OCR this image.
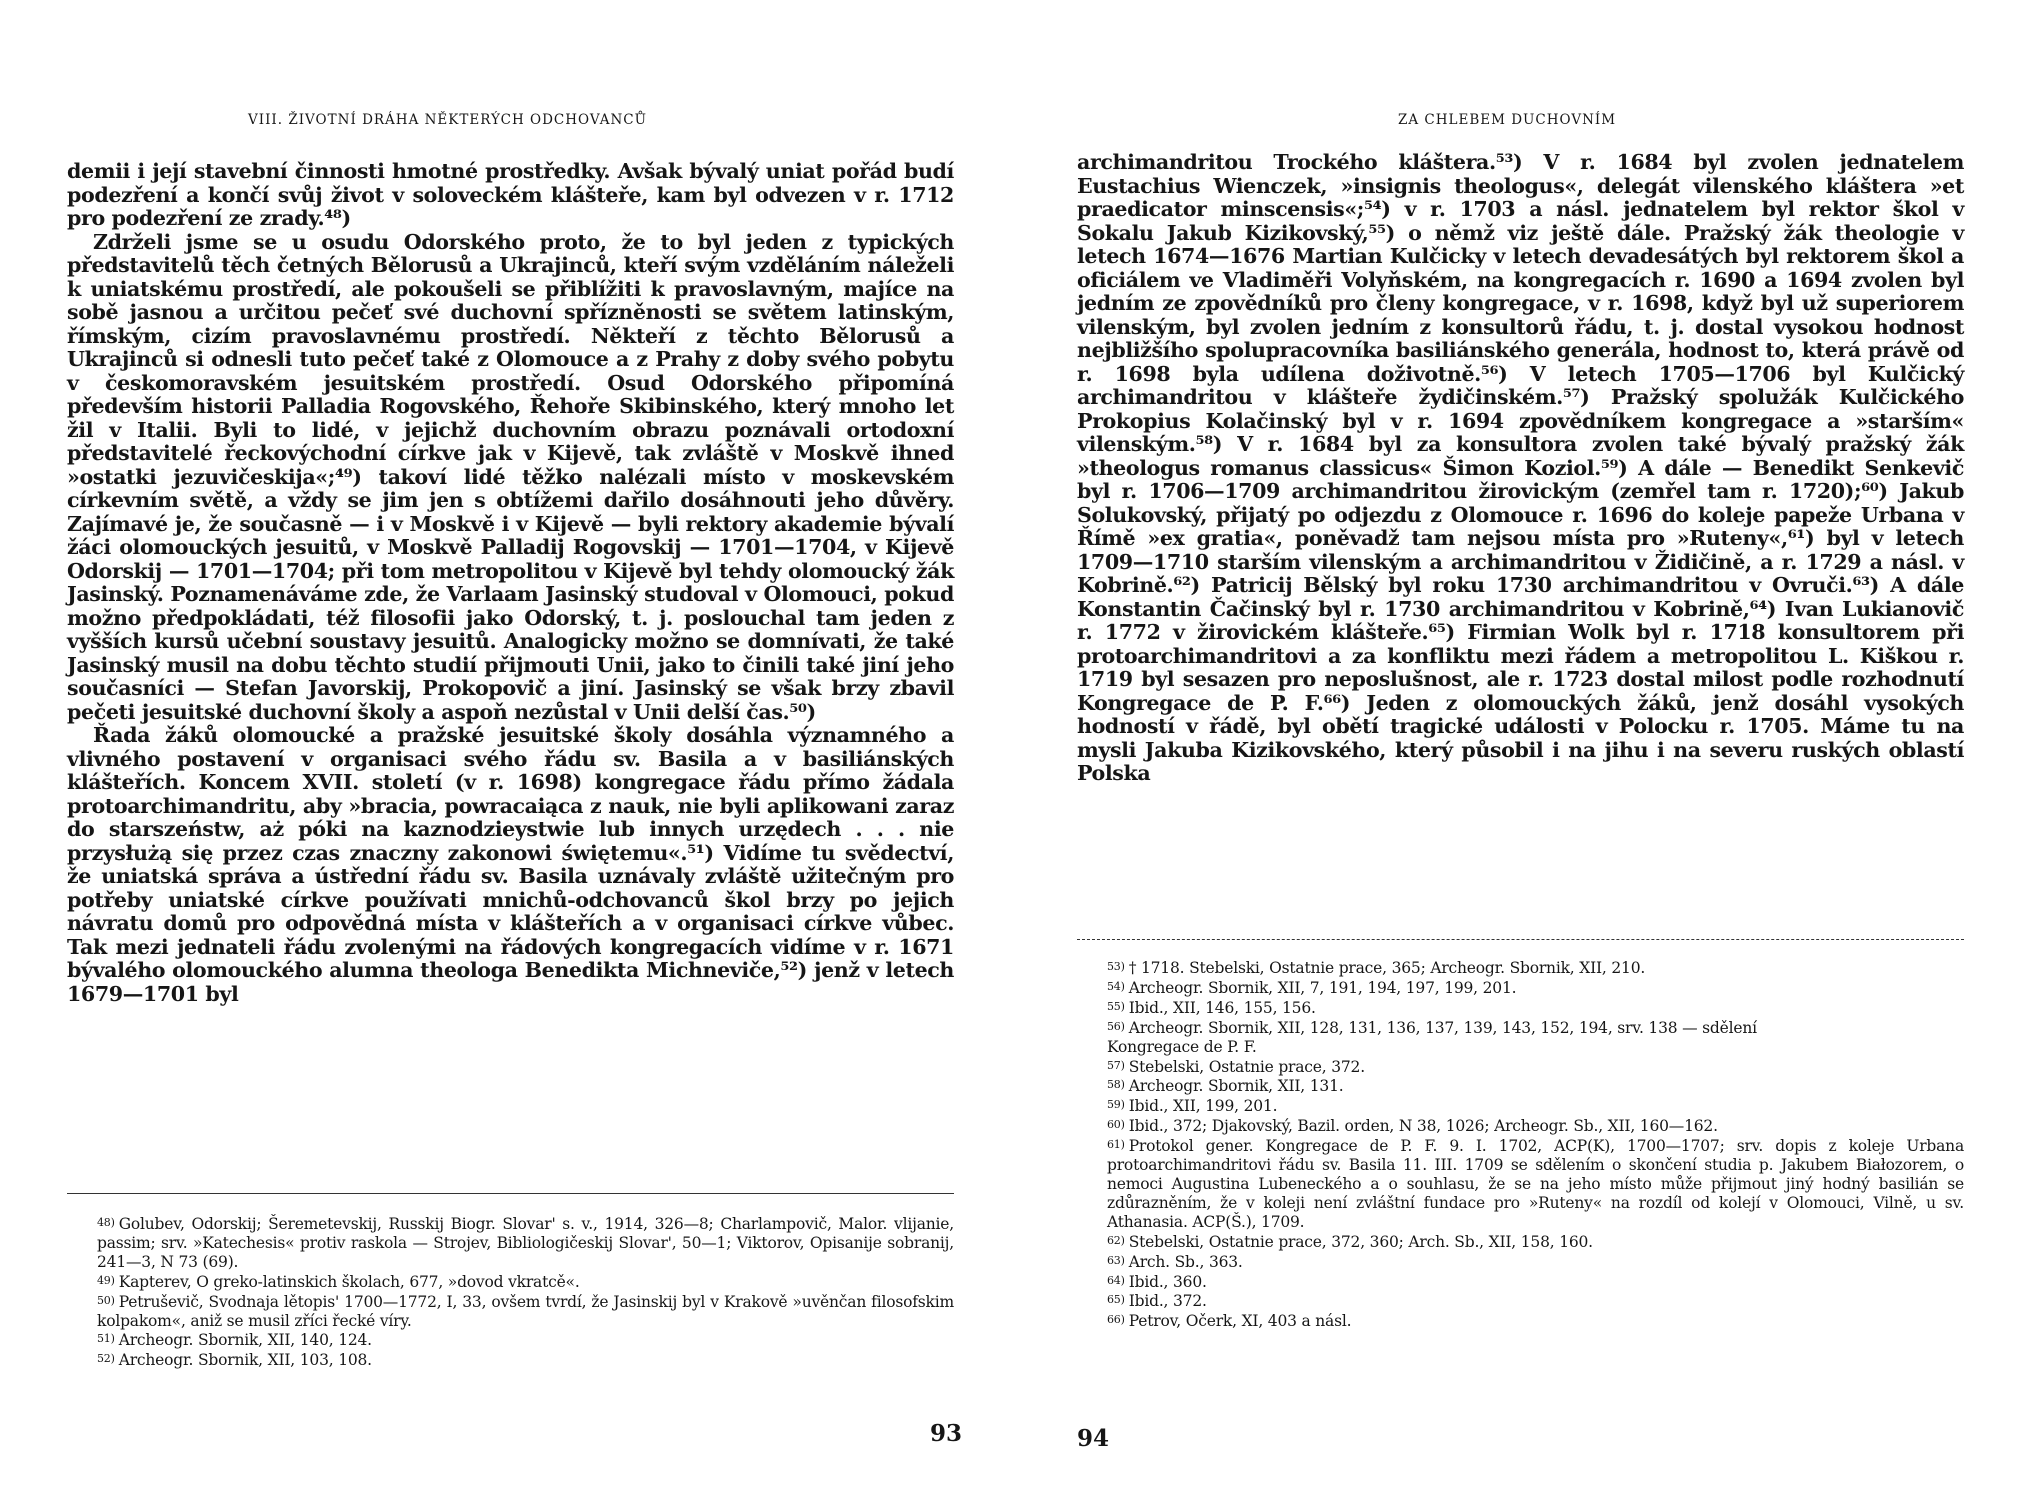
VIII. ŽIVOTNÍ DRÁHA NĚKTERÝCH ODCHOVANCŮ

demii i její stavební činnosti hmotné prostředky. Avšak bývalý uniat pořád budí podezření a končí svůj život v soloveckém klášteře, kam byl odvezen v r. 1712 pro podezření ze zrady.⁴⁸)

Zdrželi jsme se u osudu Odorského proto, že to byl jeden z typických představitelů těch četných Bělorusů a Ukrajinců, kteří svým vzděláním náleželi k uniatskému prostředí, ale pokoušeli se přiblížiti k pravoslavným, majíce na sobě jasnou a určitou pečeť své duchovní spřízněnosti se světem latinským, římským, cizím pravoslavnému prostředí. Někteří z těchto Bělorusů a Ukrajinců si odnesli tuto pečeť také z Olomouce a z Prahy z doby svého pobytu v českomoravském jesuitském prostředí. Osud Odorského připomíná především historii Palladia Rogovského, Řehoře Skibinského, který mnoho let žil v Italii. Byli to lidé, v jejichž duchovním obrazu poznávali ortodoxní představitelé řeckovýchodní církve jak v Kijevě, tak zvláště v Moskvě ihned »ostatki jezuvičeskija«;⁴⁹) takoví lidé těžko nalézali místo v moskevském církevním světě, a vždy se jim jen s obtížemi dařilo dosáhnouti jeho důvěry. Zajímavé je, že současně — i v Moskvě i v Kijevě — byli rektory akademie bývalí žáci olomouckých jesuitů, v Moskvě Palladij Rogovskij — 1701—1704, v Kijevě Odorskij — 1701—1704; při tom metropolitou v Kijevě byl tehdy olomoucký žák Jasinský. Poznamenáváme zde, že Varlaam Jasinský studoval v Olomouci, pokud možno předpokládati, též filosofii jako Odorský, t. j. poslouchal tam jeden z vyšších kursů učební soustavy jesuitů. Analogicky možno se domnívati, že také Jasinský musil na dobu těchto studií přijmouti Unii, jako to činili také jiní jeho současníci — Stefan Javorskij, Prokopovič a jiní. Jasinský se však brzy zbavil pečeti jesuitské duchovní školy a aspoň nezůstal v Unii delší čas.⁵⁰)

Řada žáků olomoucké a pražské jesuitské školy dosáhla významného a vlivného postavení v organisaci svého řádu sv. Basila a v basiliánských klášteřích. Koncem XVII. století (v r. 1698) kongregace řádu přímo žádala protoarchimandritu, aby »bracia, powracaiąca z nauk, nie byli aplikowani zaraz do starszeństw, aż póki na kaznodzieystwie lub innych urzędech . . . nie przysłużą się przez czas znaczny zakonowi świętemu«.⁵¹) Vidíme tu svědectví, že uniatská správa a ústřední řádu sv. Basila uznávaly zvláště užitečným pro potřeby uniatské církve používati mnichů-odchovanců škol brzy po jejich návratu domů pro odpovědná místa v klášteřích a v organisaci církve vůbec. Tak mezi jednateli řádu zvolenými na řádových kongregacích vidíme v r. 1671 bývalého olomouckého alumna theologa Benedikta Michneviče,⁵²) jenž v letech 1679—1701 byl

48) Golubev, Odorskij; Šeremetevskij, Russkij Biogr. Slovar' s. v., 1914, 326—8; Charlampovič, Malor. vlijanie, passim; srv. »Katechesis« protiv raskola — Strojev, Bibliologičeskij Slovar', 50—1; Viktorov, Opisanije sobranij, 241—3, N 73 (69).

49) Kapterev, O greko-latinskich školach, 677, »dovod vkratcě«.

50) Petruševič, Svodnaja lětopis' 1700—1772, I, 33, ovšem tvrdí, že Jasinskij byl v Krakově »uvěnčan filosofskim kolpakom«, aniž se musil zříci řecké víry.

51) Archeogr. Sbornik, XII, 140, 124.

52) Archeogr. Sbornik, XII, 103, 108.

93
ZA CHLEBEM DUCHOVNÍM

archimandritou Trockého kláštera.⁵³) V r. 1684 byl zvolen jednatelem Eustachius Wienczek, »insignis theologus«, delegát vilenského kláštera »et praedicator minscensis«;⁵⁴) v r. 1703 a násl. jednatelem byl rektor škol v Sokalu Jakub Kizikovský,⁵⁵) o němž viz ještě dále. Pražský žák theologie v letech 1674—1676 Martian Kulčicky v letech devadesátých byl rektorem škol a oficiálem ve Vladiměři Volyňském, na kongregacích r. 1690 a 1694 zvolen byl jedním ze zpovědníků pro členy kongregace, v r. 1698, když byl už superiorem vilenským, byl zvolen jedním z konsultorů řádu, t. j. dostal vysokou hodnost nejbližšího spolupracovníka basiliánského generála, hodnost to, která právě od r. 1698 byla udílena doživotně.⁵⁶) V letech 1705—1706 byl Kulčický archimandritou v klášteře žydičinském.⁵⁷) Pražský spolužák Kulčického Prokopius Kolačinský byl v r. 1694 zpovědníkem kongregace a »starším« vilenským.⁵⁸) V r. 1684 byl za konsultora zvolen také bývalý pražský žák »theologus romanus classicus« Šimon Koziol.⁵⁹) A dále — Benedikt Senkevič byl r. 1706—1709 archimandritou žirovickým (zemřel tam r. 1720);⁶⁰) Jakub Solukovský, přijatý po odjezdu z Olomouce r. 1696 do koleje papeže Urbana v Římě »ex gratia«, poněvadž tam nejsou místa pro »Ruteny«,⁶¹) byl v letech 1709—1710 starším vilenským a archimandritou v Židičině, a r. 1729 a násl. v Kobrině.⁶²) Patricij Bělský byl roku 1730 archimandritou v Ovruči.⁶³) A dále Konstantin Čačinský byl r. 1730 archimandritou v Kobrině,⁶⁴) Ivan Lukianovič r. 1772 v žirovickém klášteře.⁶⁵) Firmian Wolk byl r. 1718 konsultorem při protoarchimandritovi a za konfliktu mezi řádem a metropolitou L. Kiškou r. 1719 byl sesazen pro neposlušnost, ale r. 1723 dostal milost podle rozhodnutí Kongregace de P. F.⁶⁶) Jeden z olomouckých žáků, jenž dosáhl vysokých hodností v řádě, byl obětí tragické události v Polocku r. 1705. Máme tu na mysli Jakuba Kizikovského, který působil i na jihu i na severu ruských oblastí Polska

53) † 1718. Stebelski, Ostatnie prace, 365; Archeogr. Sbornik, XII, 210.

54) Archeogr. Sbornik, XII, 7, 191, 194, 197, 199, 201.

55) Ibid., XII, 146, 155, 156.

56) Archeogr. Sbornik, XII, 128, 131, 136, 137, 139, 143, 152, 194, srv. 138 — sdělení

Kongregace de P. F.

57) Stebelski, Ostatnie prace, 372.

58) Archeogr. Sbornik, XII, 131.

59) Ibid., XII, 199, 201.

60) Ibid., 372; Djakovský, Bazil. orden, N 38, 1026; Archeogr. Sb., XII, 160—162.

61) Protokol gener. Kongregace de P. F. 9. I. 1702, ACP(K), 1700—1707; srv. dopis z koleje Urbana protoarchimandritovi řádu sv. Basila 11. III. 1709 se sdělením o skončení studia p. Jakubem Białozorem, o nemoci Augustina Lubeneckého a o souhlasu, že se na jeho místo může přijmout jiný hodný basilián se zdůrazněním, že v koleji není zvláštní fundace pro »Ruteny« na rozdíl od kolejí v Olomouci, Vilně, u sv. Athanasia. ACP(Š.), 1709.

62) Stebelski, Ostatnie prace, 372, 360; Arch. Sb., XII, 158, 160.

63) Arch. Sb., 363.

64) Ibid., 360.

65) Ibid., 372.

66) Petrov, Očerk, XI, 403 a násl.

94
